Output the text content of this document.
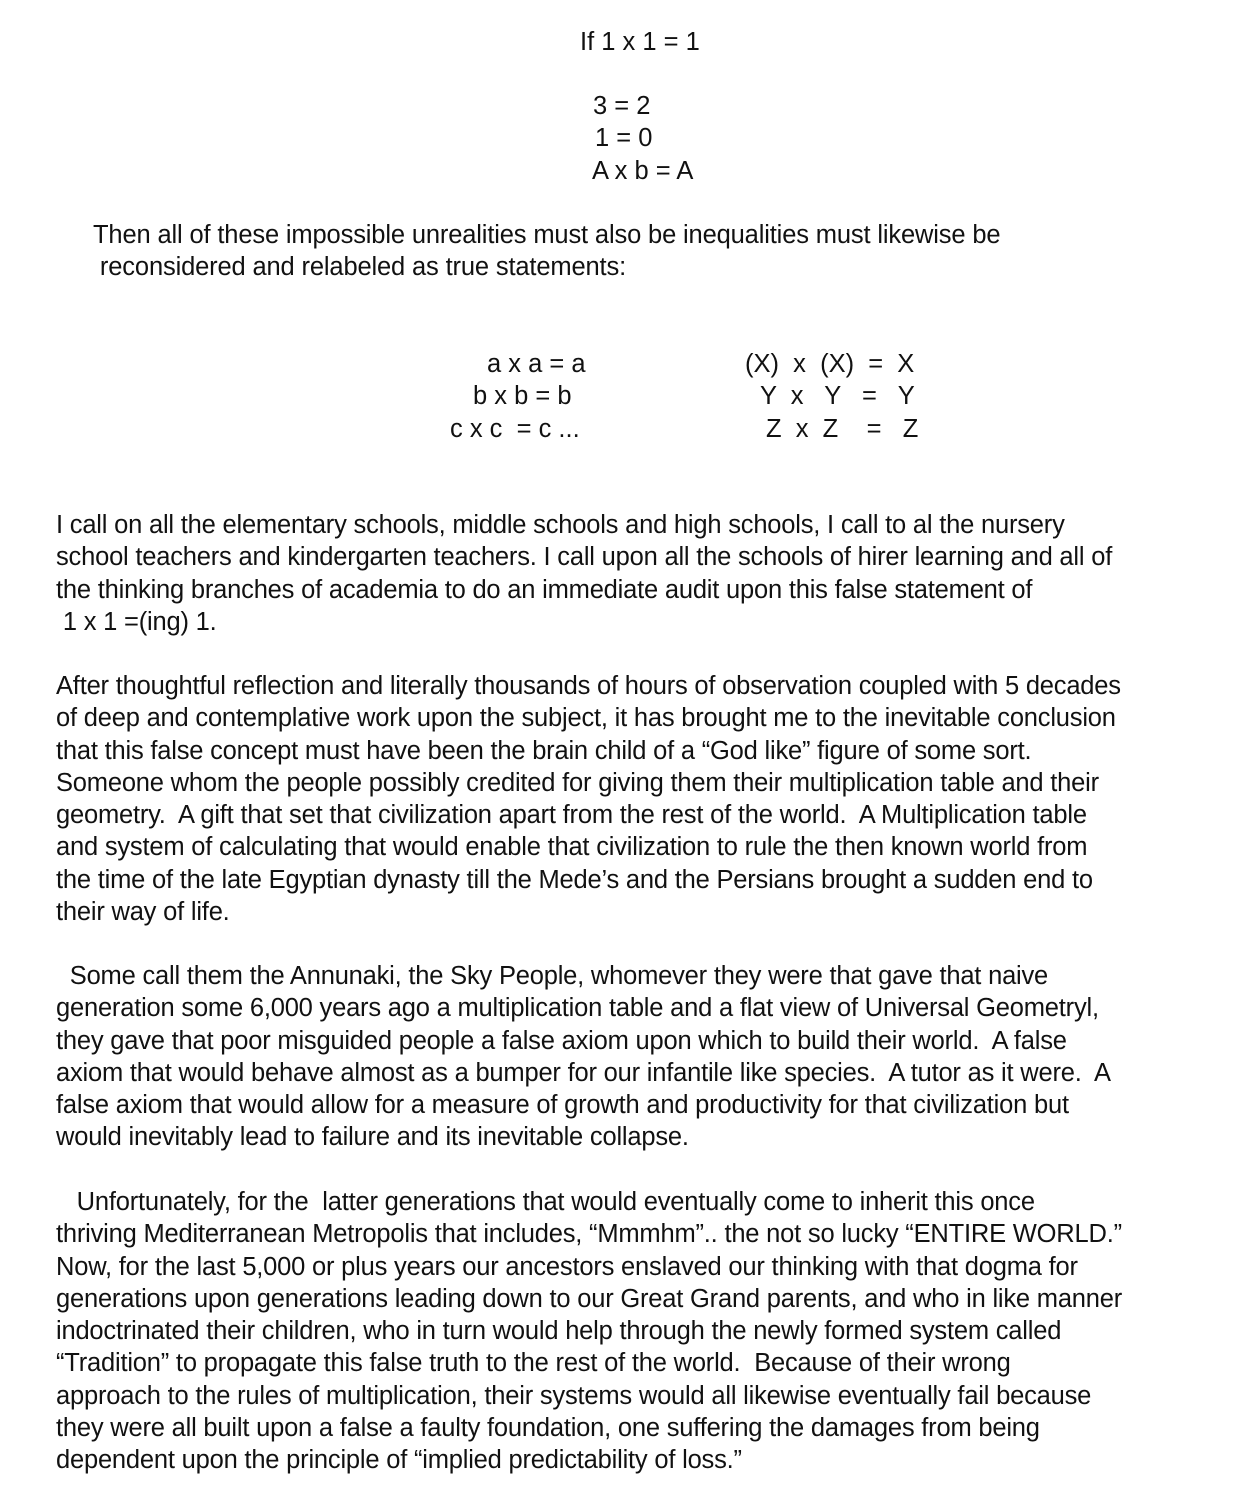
If 1 x 1 = 1
3 = 2
1 = 0
A x b = A
Then all of these impossible unrealities must also be inequalities must likewise be
reconsidered and relabeled as true statements:
a x a = a
b x b = b
c x c  = c ...
(X)  x  (X)  =  X
Y  x   Y   =   Y
Z  x  Z    =   Z
I call on all the elementary schools, middle schools and high schools, I call to al the nursery
school teachers and kindergarten teachers. I call upon all the schools of hirer learning and all of
the thinking branches of academia to do an immediate audit upon this false statement of
1 x 1 =(ing) 1.
After thoughtful reflection and literally thousands of hours of observation coupled with 5 decades
of deep and contemplative work upon the subject, it has brought me to the inevitable conclusion
that this false concept must have been the brain child of a “God like” figure of some sort.
Someone whom the people possibly credited for giving them their multiplication table and their
geometry.  A gift that set that civilization apart from the rest of the world.  A Multiplication table
and system of calculating that would enable that civilization to rule the then known world from
the time of the late Egyptian dynasty till the Mede’s and the Persians brought a sudden end to
their way of life.
Some call them the Annunaki, the Sky People, whomever they were that gave that naive
generation some 6,000 years ago a multiplication table and a flat view of Universal Geometryl,
they gave that poor misguided people a false axiom upon which to build their world.  A false
axiom that would behave almost as a bumper for our infantile like species.  A tutor as it were.  A
false axiom that would allow for a measure of growth and productivity for that civilization but
would inevitably lead to failure and its inevitable collapse.
Unfortunately, for the  latter generations that would eventually come to inherit this once
thriving Mediterranean Metropolis that includes, “Mmmhm”.. the not so lucky “ENTIRE WORLD.”
Now, for the last 5,000 or plus years our ancestors enslaved our thinking with that dogma for
generations upon generations leading down to our Great Grand parents, and who in like manner
indoctrinated their children, who in turn would help through the newly formed system called
“Tradition” to propagate this false truth to the rest of the world.  Because of their wrong
approach to the rules of multiplication, their systems would all likewise eventually fail because
they were all built upon a false a faulty foundation, one suffering the damages from being
dependent upon the principle of “implied predictability of loss.”
